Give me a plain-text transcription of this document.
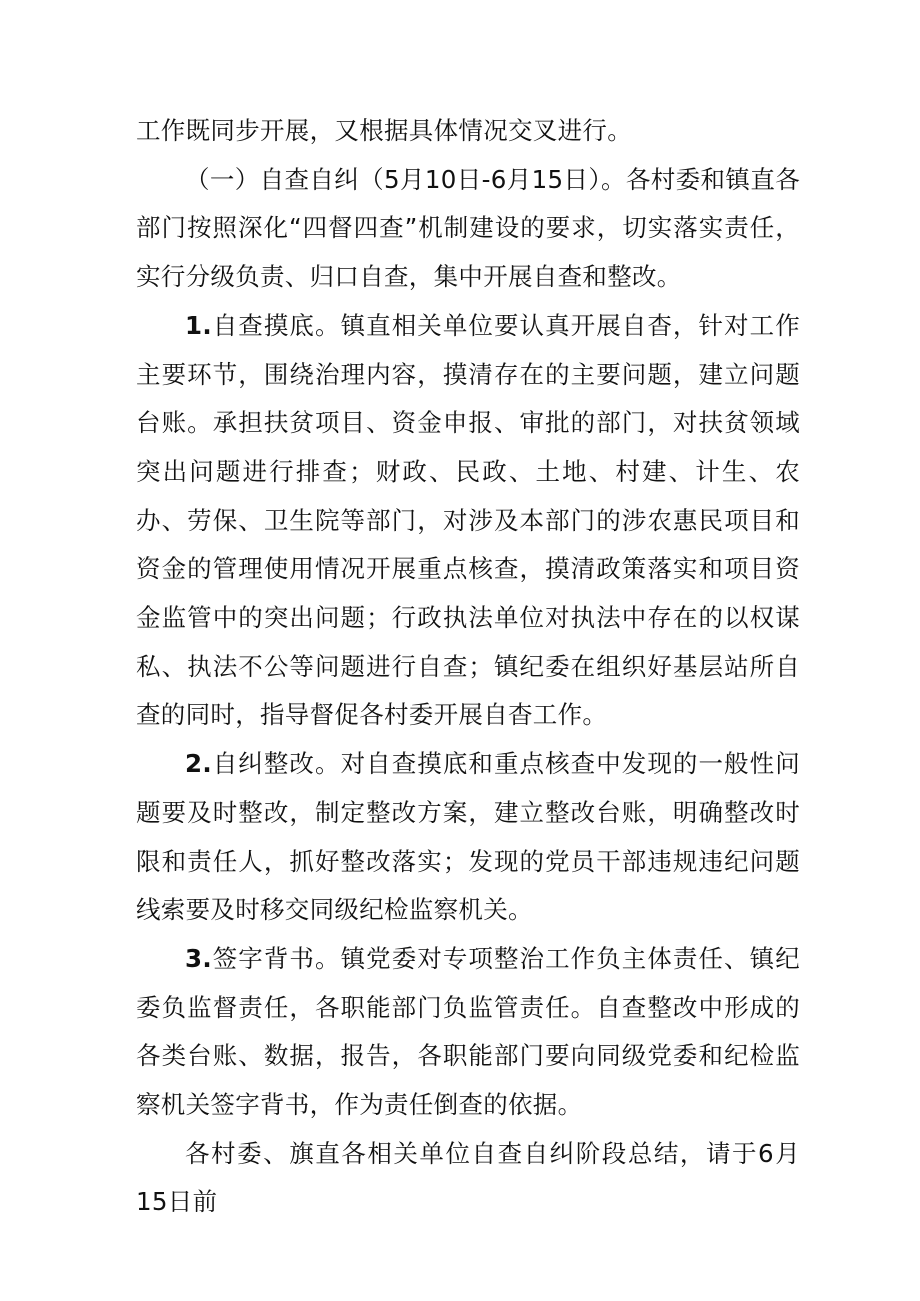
工作既同步开展，又根据具体情况交叉进行。

（一）自查自纠（5月10日-6月15日）。各村委和镇直各部门按照深化“四督四查”机制建设的要求，切实落实责任，实行分级负责、归口自查，集中开展自查和整改。

1.自查摸底。镇直相关单位要认真开展自杳，针对工作主要环节，围绕治理内容，摸清存在的主要问题，建立问题台账。承担扶贫项目、资金申报、审批的部门，对扶贫领域突出问题进行排查；财政、民政、土地、村建、计生、农办、劳保、卫生院等部门，对涉及本部门的涉农惠民项目和资金的管理使用情况开展重点核查，摸清政策落实和项目资金监管中的突出问题；行政执法单位对执法中存在的以权谋私、执法不公等问题进行自查；镇纪委在组织好基层站所自查的同时，指导督促各村委开展自杳工作。

2.自纠整改。对自查摸底和重点核查中发现的一般性问题要及时整改，制定整改方案，建立整改台账，明确整改时限和责任人，抓好整改落实；发现的党员干部违规违纪问题线索要及时移交同级纪检监察机关。

3.签字背书。镇党委对专项整治工作负主体责任、镇纪委负监督责任，各职能部门负监管责任。自查整改中形成的各类台账、数据，报告，各职能部门要向同级党委和纪检监察机关签字背书，作为责任倒查的依据。

各村委、旗直各相关单位自查自纠阶段总结，请于6月15日前
